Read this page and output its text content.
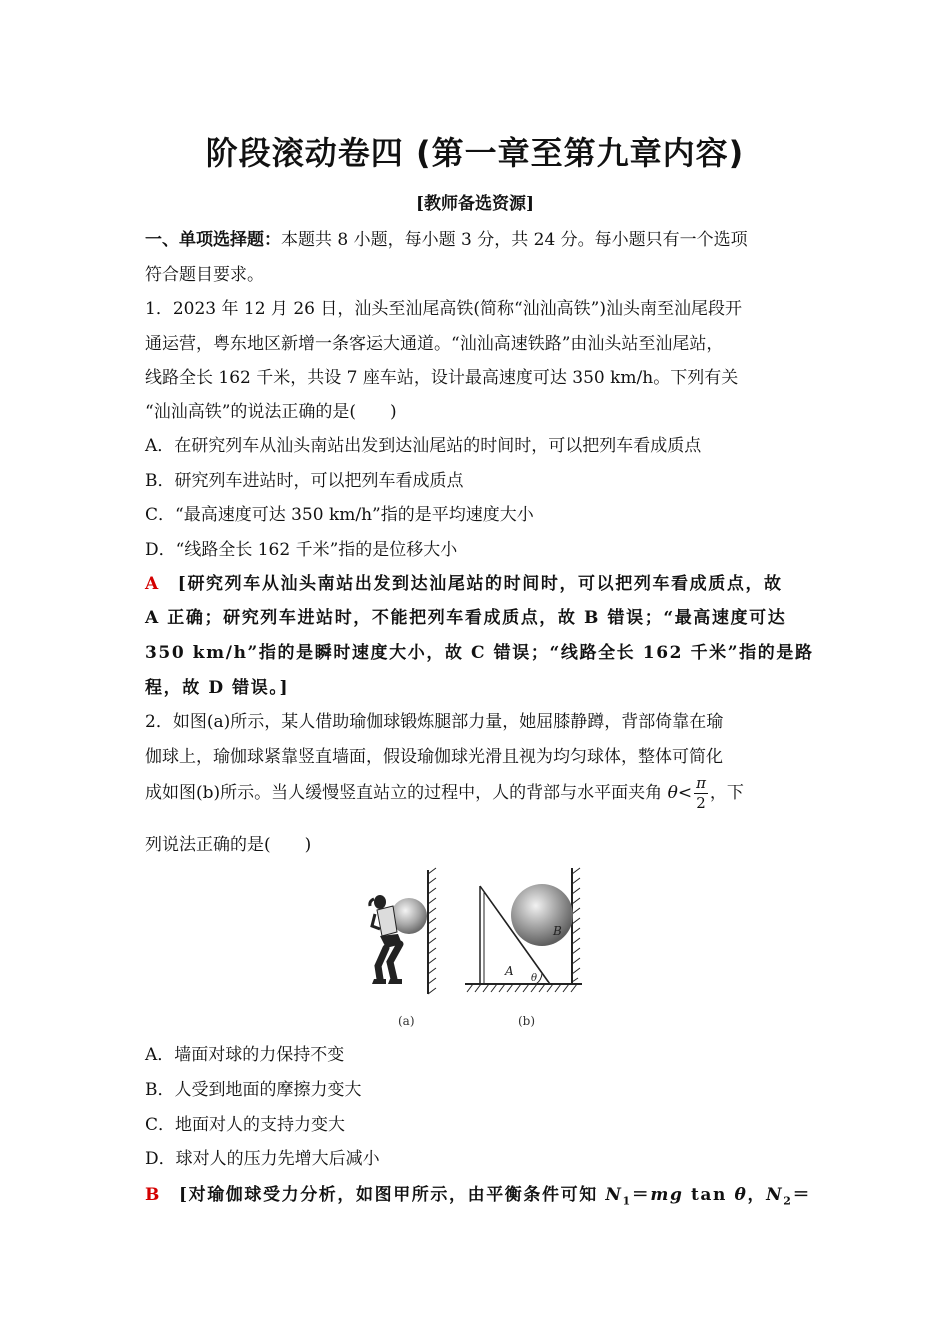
阶段滚动卷四 (第一章至第九章内容)
[教师备选资源]
一、单项选择题：本题共 8 小题，每小题 3 分，共 24 分。每小题只有一个选项
符合题目要求。
1．2023 年 12 月 26 日，汕头至汕尾高铁(简称“汕汕高铁”)汕头南至汕尾段开
通运营，粤东地区新增一条客运大通道。“汕汕高速铁路”由汕头站至汕尾站，
线路全长 162 千米，共设 7 座车站，设计最高速度可达 350 km/h。下列有关
“汕汕高铁”的说法正确的是(　　)
A．在研究列车从汕头南站出发到达汕尾站的时间时，可以把列车看成质点
B．研究列车进站时，可以把列车看成质点
C．“最高速度可达 350 km/h”指的是平均速度大小
D．“线路全长 162 千米”指的是位移大小
A [研究列车从汕头南站出发到达汕尾站的时间时，可以把列车看成质点，故
A 正确；研究列车进站时，不能把列车看成质点，故 B 错误；“最高速度可达
350 km/h”指的是瞬时速度大小，故 C 错误；“线路全长 162 千米”指的是路
程，故 D 错误。]
2．如图(a)所示，某人借助瑜伽球锻炼腿部力量，她屈膝静蹲，背部倚靠在瑜
伽球上，瑜伽球紧靠竖直墙面，假设瑜伽球光滑且视为均匀球体，整体可简化
成如图(b)所示。当人缓慢竖直站立的过程中，人的背部与水平面夹角 $\theta< \frac{\pi}{2}$ ，下
列说法正确的是(　　)
(a)
A
B
θ
(b)
A．墙面对球的力保持不变
B．人受到地面的摩擦力变大
C．地面对人的支持力变大
D．球对人的压力先增大后减小
B [对瑜伽球受力分析，如图甲所示，由平衡条件可知 $N_1=mg$ tan θ，$N_2=$
